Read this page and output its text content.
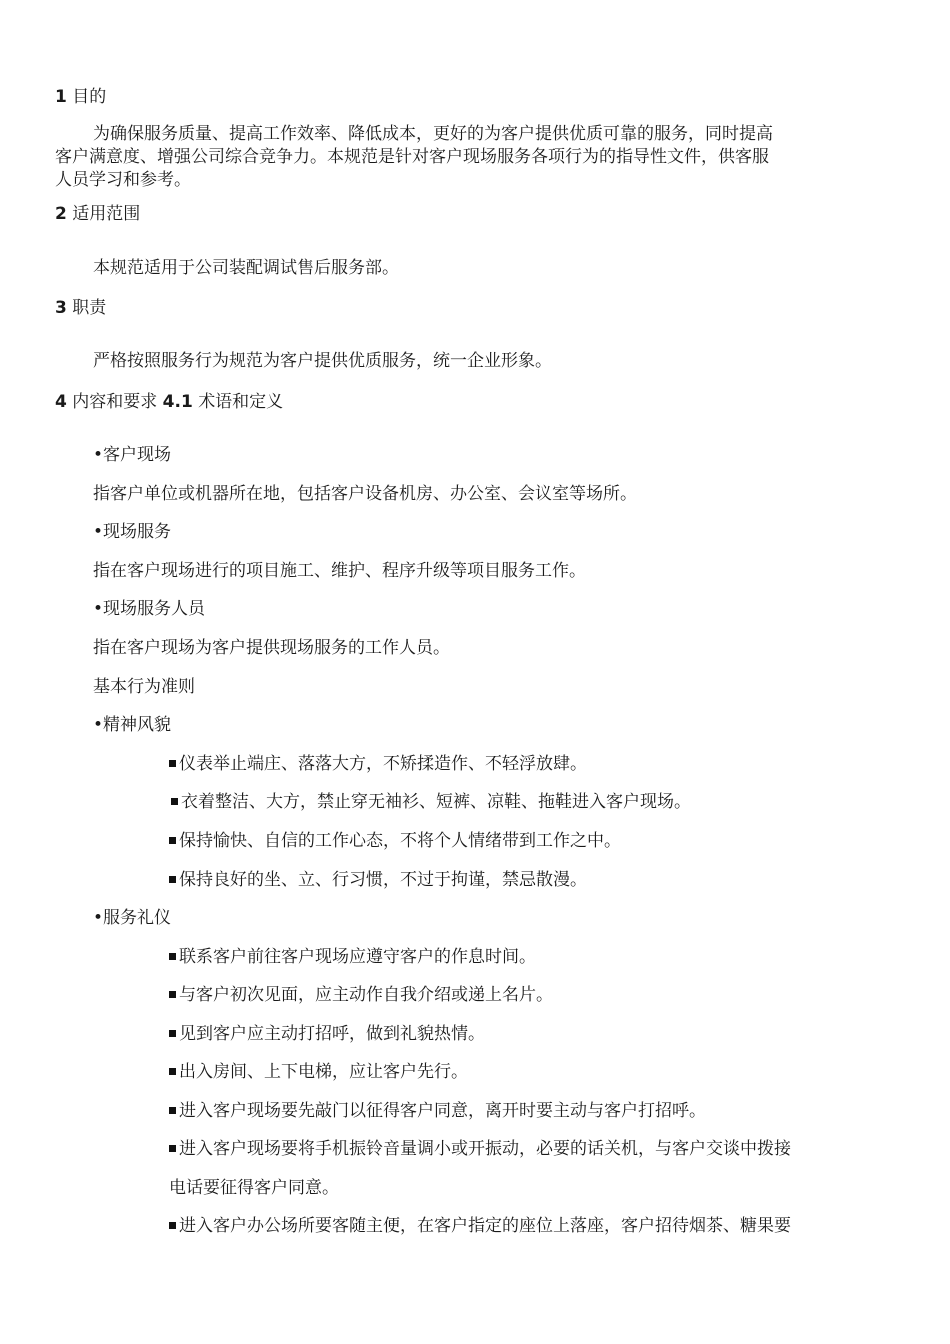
1 目的
为确保服务质量、提高工作效率、降低成本，更好的为客户提供优质可靠的服务，同时提高
客户满意度、增强公司综合竞争力。本规范是针对客户现场服务各项行为的指导性文件，供客服
人员学习和参考。
2 适用范围
本规范适用于公司装配调试售后服务部。
3 职责
严格按照服务行为规范为客户提供优质服务，统一企业形象。
4 内容和要求 4.1 术语和定义
•客户现场
指客户单位或机器所在地，包括客户设备机房、办公室、会议室等场所。
•现场服务
指在客户现场进行的项目施工、维护、程序升级等项目服务工作。
•现场服务人员
指在客户现场为客户提供现场服务的工作人员。
基本行为准则
•精神风貌
仪表举止端庄、落落大方，不矫揉造作、不轻浮放肆。
衣着整洁、大方，禁止穿无袖衫、短裤、凉鞋、拖鞋进入客户现场。
保持愉快、自信的工作心态，不将个人情绪带到工作之中。
保持良好的坐、立、行习惯，不过于拘谨，禁忌散漫。
•服务礼仪
联系客户前往客户现场应遵守客户的作息时间。
与客户初次见面，应主动作自我介绍或递上名片。
见到客户应主动打招呼，做到礼貌热情。
出入房间、上下电梯，应让客户先行。
进入客户现场要先敲门以征得客户同意，离开时要主动与客户打招呼。
进入客户现场要将手机振铃音量调小或开振动，必要的话关机，与客户交谈中拨接
电话要征得客户同意。
进入客户办公场所要客随主便，在客户指定的座位上落座，客户招待烟茶、糖果要
